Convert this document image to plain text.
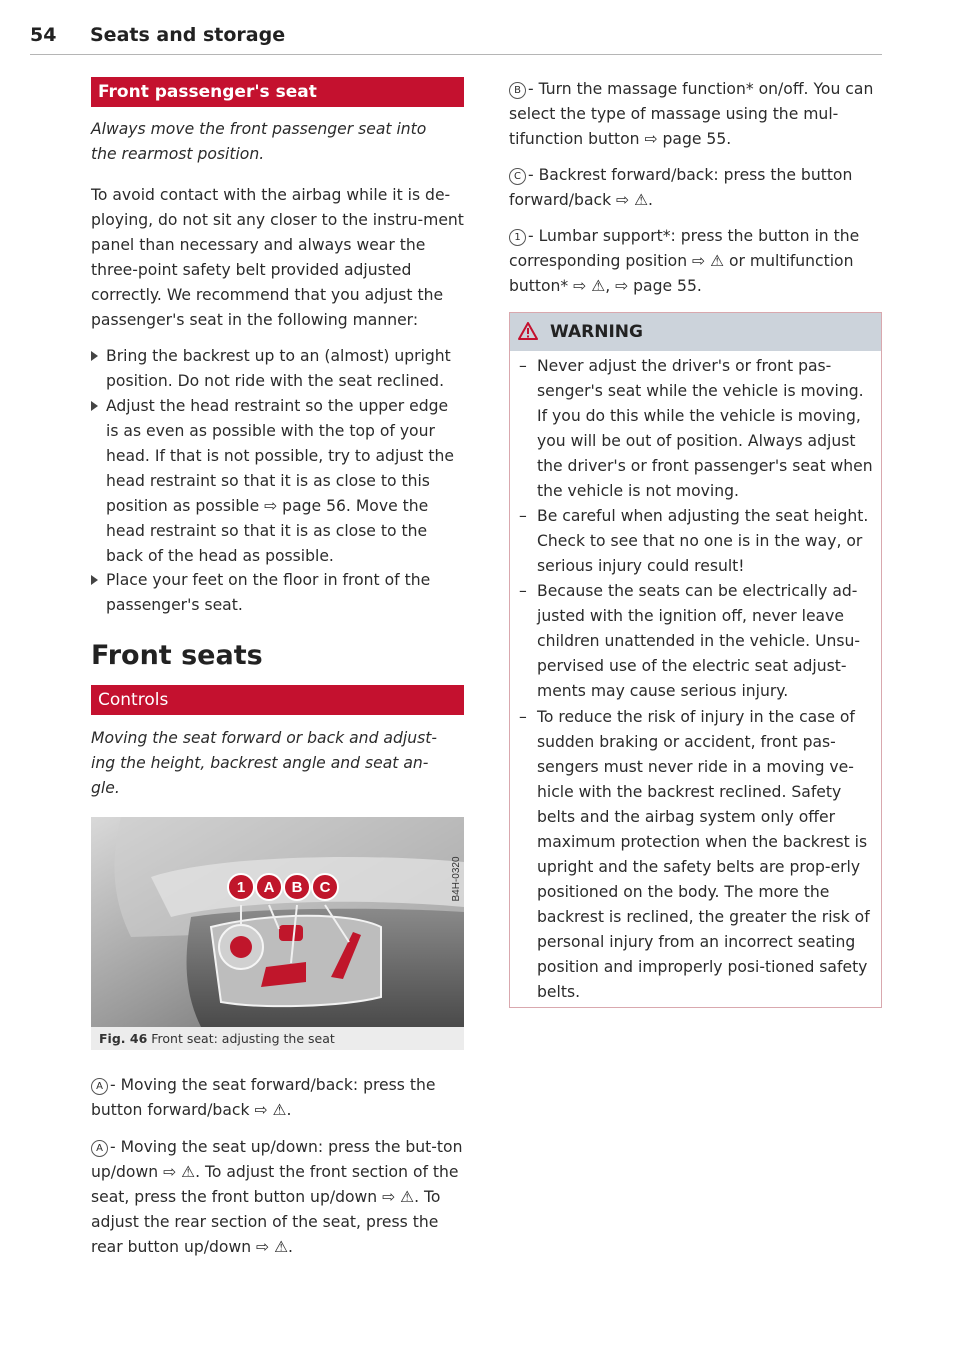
54 Seats and storage
Front passenger's seat

Always move the front passenger seat into the rearmost position.

To avoid contact with the airbag while it is de-ploying, do not sit any closer to the instru-ment panel than necessary and always wear the three-point safety belt provided adjusted correctly. We recommend that you adjust the passenger's seat in the following manner:

Bring the backrest up to an (almost) upright position. Do not ride with the seat reclined.
Adjust the head restraint so the upper edge is as even as possible with the top of your head. If that is not possible, try to adjust the head restraint so that it is as close to this position as possible ⇨ page 56. Move the head restraint so that it is as close to the back of the head as possible.
Place your feet on the floor in front of the passenger's seat.
Front seats
Controls

Moving the seat forward or back and adjust-ing the height, backrest angle and seat an-gle.

1 A B C	B4H-0320
Fig. 46 Front seat: adjusting the seat

A - Moving the seat forward/back: press the button forward/back ⇨ ⚠.

A - Moving the seat up/down: press the but-ton up/down ⇨ ⚠. To adjust the front section of the seat, press the front button up/down ⇨ ⚠. To adjust the rear section of the seat, press the rear button up/down ⇨ ⚠.

B - Turn the massage function* on/off. You can select the type of massage using the mul-tifunction button ⇨ page 55.

C - Backrest forward/back: press the button forward/back ⇨ ⚠.

1 - Lumbar support*: press the button in the corresponding position ⇨ ⚠ or multifunction button* ⇨ ⚠, ⇨ page 55.

WARNING
– Never adjust the driver's or front pas-senger's seat while the vehicle is moving. If you do this while the vehicle is moving, you will be out of position. Always adjust the driver's or front passenger's seat when the vehicle is not moving.
– Be careful when adjusting the seat height. Check to see that no one is in the way, or serious injury could result!
– Because the seats can be electrically ad-justed with the ignition off, never leave children unattended in the vehicle. Unsu-pervised use of the electric seat adjust-ments may cause serious injury.
– To reduce the risk of injury in the case of sudden braking or accident, front pas-sengers must never ride in a moving ve-hicle with the backrest reclined. Safety belts and the airbag system only offer maximum protection when the backrest is upright and the safety belts are prop-erly positioned on the body. The more the backrest is reclined, the greater the risk of personal injury from an incorrect seating position and improperly posi-tioned safety belts.
